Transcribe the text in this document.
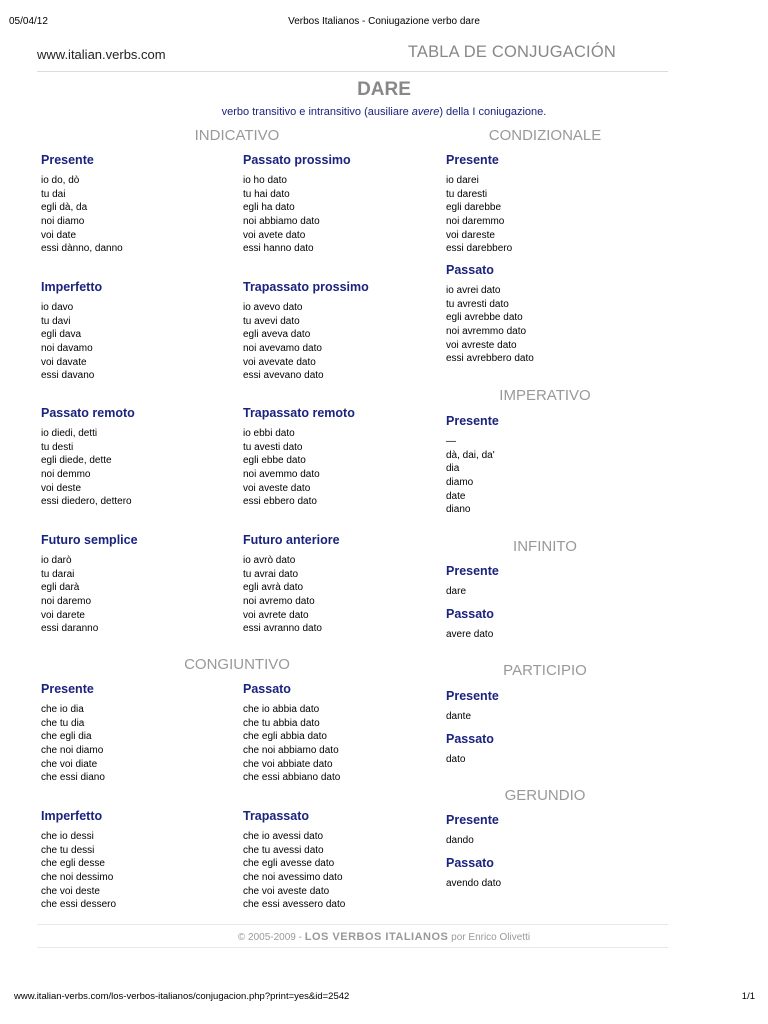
05/04/12	Verbos Italianos - Coniugazione verbo dare
www.italian.verbs.com	TABLA DE CONJUGACIÓN
DARE
verbo transitivo e intransitivo (ausiliare avere) della I coniugazione.
INDICATIVO	CONDIZIONALE
CONGIUNTIVO
IMPERATIVO
INFINITO
PARTICIPIO
GERUNDIO
Presente
io do, dò
tu dai
egli dà, da
noi diamo
voi date
essi dànno, danno
Passato prossimo
io ho dato
tu hai dato
egli ha dato
noi abbiamo dato
voi avete dato
essi hanno dato
Presente
io darei
tu daresti
egli darebbe
noi daremmo
voi dareste
essi darebbero
Passato
io avrei dato
tu avresti dato
egli avrebbe dato
noi avremmo dato
voi avreste dato
essi avrebbero dato
Imperfetto
io davo
tu davi
egli dava
noi davamo
voi davate
essi davano
Trapassato prossimo
io avevo dato
tu avevi dato
egli aveva dato
noi avevamo dato
voi avevate dato
essi avevano dato
Passato remoto
io diedi, detti
tu desti
egli diede, dette
noi demmo
voi deste
essi diedero, dettero
Trapassato remoto
io ebbi dato
tu avesti dato
egli ebbe dato
noi avemmo dato
voi aveste dato
essi ebbero dato
Presente
—
dà, dai, da'
dia
diamo
date
diano
Futuro semplice
io darò
tu darai
egli darà
noi daremo
voi darete
essi daranno
Futuro anteriore
io avrò dato
tu avrai dato
egli avrà dato
noi avremo dato
voi avrete dato
essi avranno dato
Presente
dare
Passato
avere dato
Presente
dante
Passato
dato
Presente
che io dia
che tu dia
che egli dia
che noi diamo
che voi diate
che essi diano
Passato
che io abbia dato
che tu abbia dato
che egli abbia dato
che noi abbiamo dato
che voi abbiate dato
che essi abbiano dato
Presente
dando
Passato
avendo dato
Imperfetto
che io dessi
che tu dessi
che egli desse
che noi dessimo
che voi deste
che essi dessero
Trapassato
che io avessi dato
che tu avessi dato
che egli avesse dato
che noi avessimo dato
che voi aveste dato
che essi avessero dato
© 2005-2009 - LOS VERBOS ITALIANOS por Enrico Olivetti
www.italian-verbs.com/los-verbos-italianos/conjugacion.php?print=yes&id=2542	1/1
